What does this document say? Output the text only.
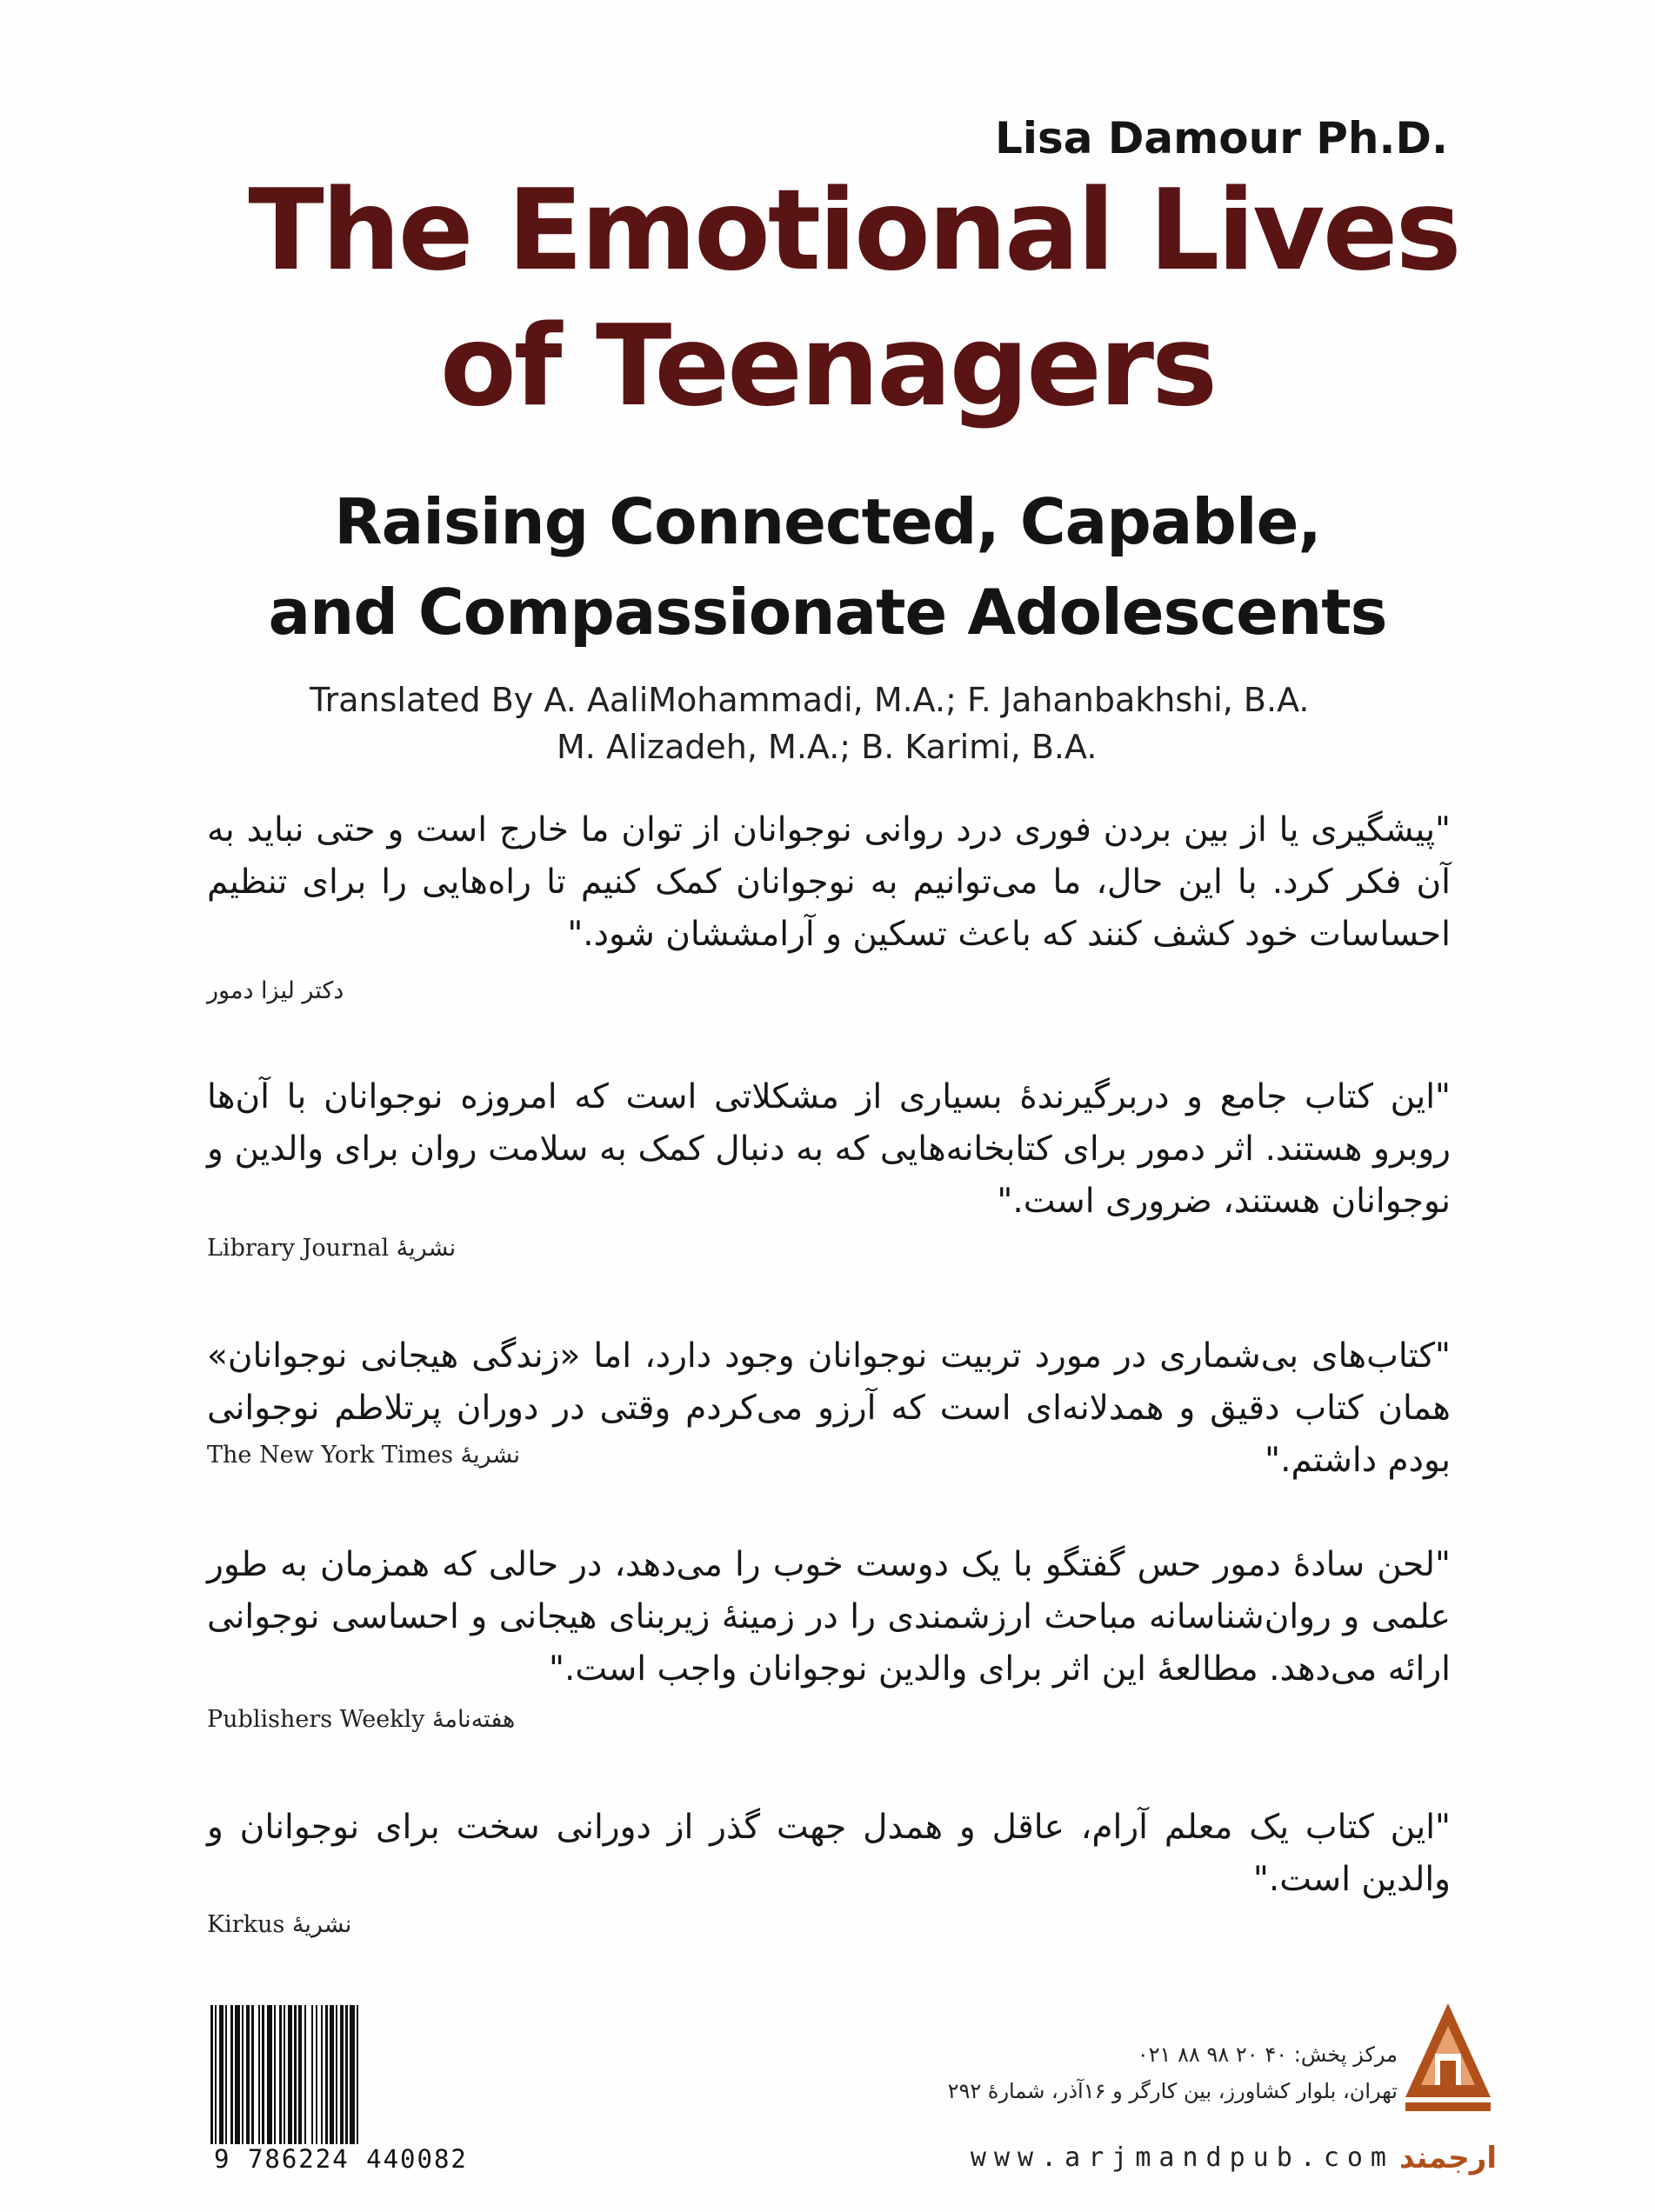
Lisa Damour Ph.D.
The Emotional Lives
of Teenagers
Raising Connected, Capable,
and Compassionate Adolescents
Translated By A. AaliMohammadi, M.A.; F. Jahanbakhshi, B.A.
M. Alizadeh, M.A.; B. Karimi, B.A.

"پیشگیری یا از بین بردن فوری درد روانی نوجوانان از توان ما خارج است و حتی نباید به آن فکر کرد. با این حال، ما می‌توانیم به نوجوانان کمک کنیم تا راه‌هایی را برای تنظیم احساسات خود کشف کنند که باعث تسکین و آرامششان شود."

دکتر لیزا دمور

"این کتاب جامع و دربرگیرندهٔ بسیاری از مشکلاتی است که امروزه نوجوانان با آن‌ها روبرو هستند. اثر دمور برای کتابخانه‌هایی که به دنبال کمک به سلامت روان برای والدین و نوجوانان هستند، ضروری است."

نشریهٔ Library Journal

"کتاب‌های بی‌شماری در مورد تربیت نوجوانان وجود دارد، اما «زندگی هیجانی نوجوانان» همان کتاب دقیق و همدلانه‌ای است که آرزو می‌کردم وقتی در دوران پرتلاطم نوجوانی بودم داشتم."

نشریهٔ The New York Times

"لحن سادهٔ دمور حس گفتگو با یک دوست خوب را می‌دهد، در حالی که همزمان به طور علمی و روان‌شناسانه مباحث ارزشمندی را در زمینهٔ زیربنای هیجانی و احساسی نوجوانی ارائه می‌دهد. مطالعهٔ این اثر برای والدین نوجوانان واجب است."

هفته‌نامهٔ Publishers Weekly

"این کتاب یک معلم آرام، عاقل و همدل جهت گذر از دورانی سخت برای نوجوانان و والدین است."

نشریهٔ Kirkus
9 786224 440082
مرکز پخش: ۴۰ ۲۰ ۹۸ ۸۸ ۰۲۱
تهران، بلوار کشاورز، بین کارگر و ۱۶آذر، شمارهٔ ۲۹۲
www.arjmandpub.com ارجمند
